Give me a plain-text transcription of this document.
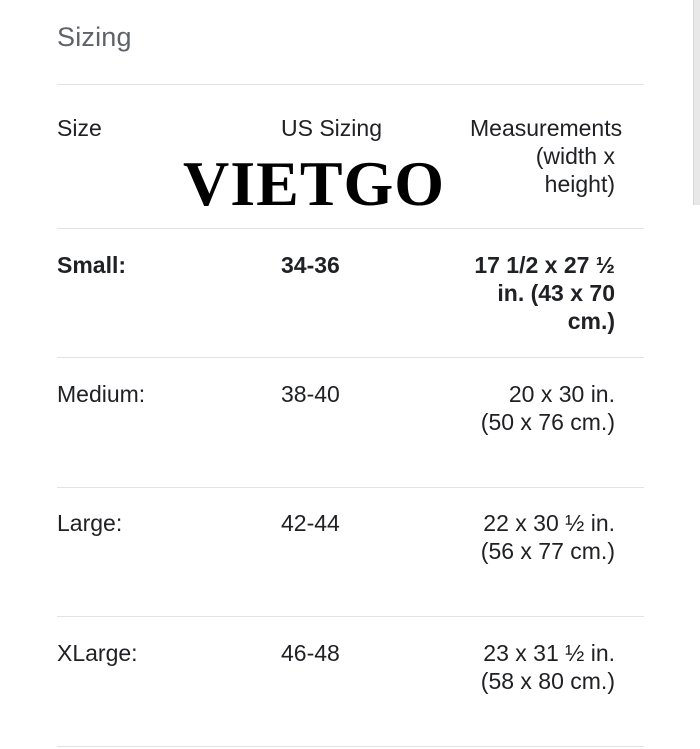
Sizing
Size	US Sizing	Measurements (width x height)
Small:	34-36	17 1/2 x 27 ½ in. (43 x 70 cm.)
Medium:	38-40	20 x 30 in. (50 x 76 cm.)
Large:	42-44	22 x 30 ½ in. (56 x 77 cm.)
XLarge:	46-48	23 x 31 ½ in. (58 x 80 cm.)
VIETGO
